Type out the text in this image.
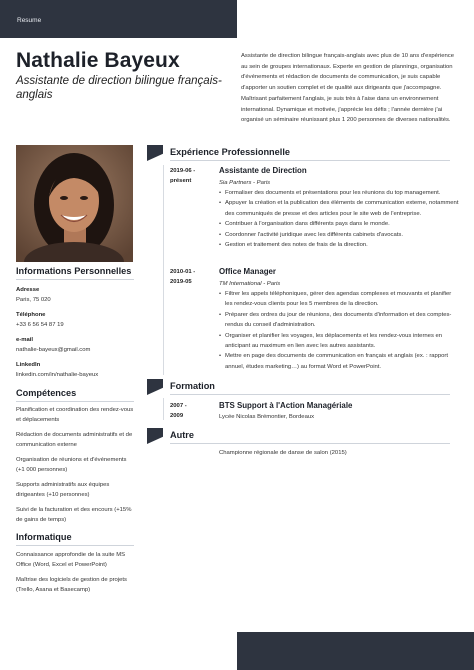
Resume
Nathalie Bayeux
Assistante de direction bilingue français-anglais
Assistante de direction bilingue français-anglais avec plus de 10 ans d'expérience au sein de groupes internationaux. Experte en gestion de plannings, organisation d'événements et rédaction de documents de communication, je suis capable d'apporter un soutien complet et de qualité aux dirigeants que j'accompagne. Maîtrisant parfaitement l'anglais, je suis très à l'aise dans un environnement international. Dynamique et motivée, j'apprécie les défis ; l'année dernière j'ai organisé un séminaire réunissant plus 1 200 personnes de diverses nationalités.
Informations Personnelles
Adresse
Paris, 75 020
Téléphone
+33 6 56 54 87 19
e-mail
nathalie-bayeux@gmail.com
LinkedIn
linkedin.com/in/nathalie-bayeux
Compétences
Planification et coordination des rendez-vous et déplacements
Rédaction de documents administratifs et de communication externe
Organisation de réunions et d'événements (+1 000 personnes)
Supports administratifs aux équipes dirigeantes (+10 personnes)
Suivi de la facturation et des encours (+15% de gains de temps)
Informatique
Connaissance approfondie de la suite MS Office (Word, Excel et PowerPoint)
Maîtrise des logiciels de gestion de projets (Trello, Asana et Basecamp)
Expérience Professionnelle
2019-06 - présent
Assistante de Direction
Sia Partners - Paris
• Formaliser des documents et présentations pour les réunions du top management.
• Appuyer la création et la publication des éléments de communication externe, notamment des communiqués de presse et des articles pour le site web de l'entreprise.
• Contribuer à l'organisation dans différents pays dans le monde.
• Coordonner l'activité juridique avec les différents cabinets d'avocats.
• Gestion et traitement des notes de frais de la direction.
2010-01 - 2019-05
Office Manager
TM International - Paris
• Filtrer les appels téléphoniques, gérer des agendas complexes et mouvants et planifier les rendez-vous clients pour les 5 membres de la direction.
• Préparer des ordres du jour de réunions, des documents d'information et des comptes-rendus du conseil d'administration.
• Organiser et planifier les voyages, les déplacements et les rendez-vous internes en anticipant au maximum en lien avec les autres assistants.
• Mettre en page des documents de communication en français et anglais (ex. : rapport annuel, études marketing…) au format Word et PowerPoint.
Formation
2007 - 2009
BTS Support à l'Action Managériale
Lycée Nicolas Brémontier, Bordeaux
Autre
Championne régionale de danse de salon (2015)
